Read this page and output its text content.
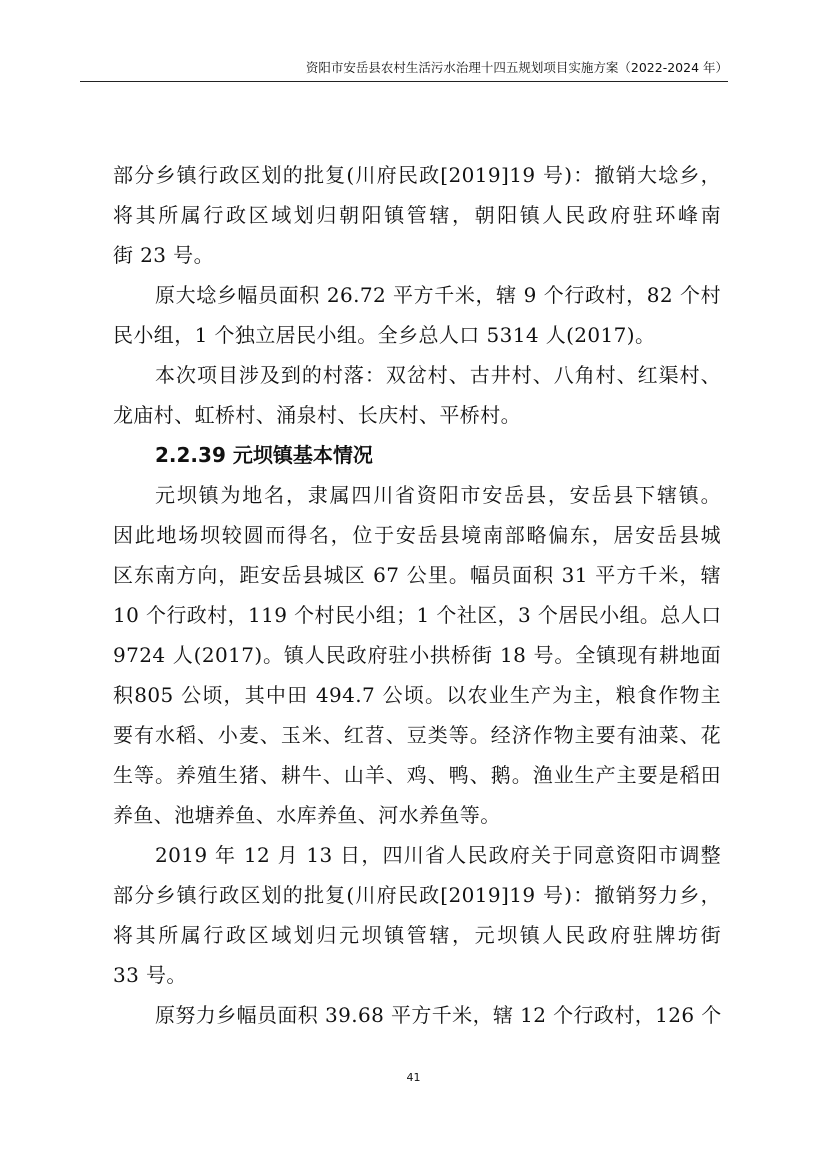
资阳市安岳县农村生活污水治理十四五规划项目实施方案（2022-2024 年）
部分乡镇行政区划的批复(川府民政[2019]19 号)：撤销大埝乡，
将其所属行政区域划归朝阳镇管辖，朝阳镇人民政府驻环峰南
街 23 号。
原大埝乡幅员面积 26.72 平方千米，辖 9 个行政村，82 个村
民小组，1 个独立居民小组。全乡总人口 5314 人(2017)。
本次项目涉及到的村落：双岔村、古井村、八角村、红渠村、
龙庙村、虹桥村、涌泉村、长庆村、平桥村。
2.2.39 元坝镇基本情况
元坝镇为地名，隶属四川省资阳市安岳县，安岳县下辖镇。
因此地场坝较圆而得名，位于安岳县境南部略偏东，居安岳县城
区东南方向，距安岳县城区 67 公里。幅员面积 31 平方千米，辖
10 个行政村，119 个村民小组；1 个社区，3 个居民小组。总人口
9724 人(2017)。镇人民政府驻小拱桥街 18 号。全镇现有耕地面
积805 公顷，其中田 494.7 公顷。以农业生产为主，粮食作物主
要有水稻、小麦、玉米、红苕、豆类等。经济作物主要有油菜、花
生等。养殖生猪、耕牛、山羊、鸡、鸭、鹅。渔业生产主要是稻田
养鱼、池塘养鱼、水库养鱼、河水养鱼等。
2019 年 12 月 13 日，四川省人民政府关于同意资阳市调整
部分乡镇行政区划的批复(川府民政[2019]19 号)：撤销努力乡，
将其所属行政区域划归元坝镇管辖，元坝镇人民政府驻牌坊街
33 号。
原努力乡幅员面积 39.68 平方千米，辖 12 个行政村，126 个
41
